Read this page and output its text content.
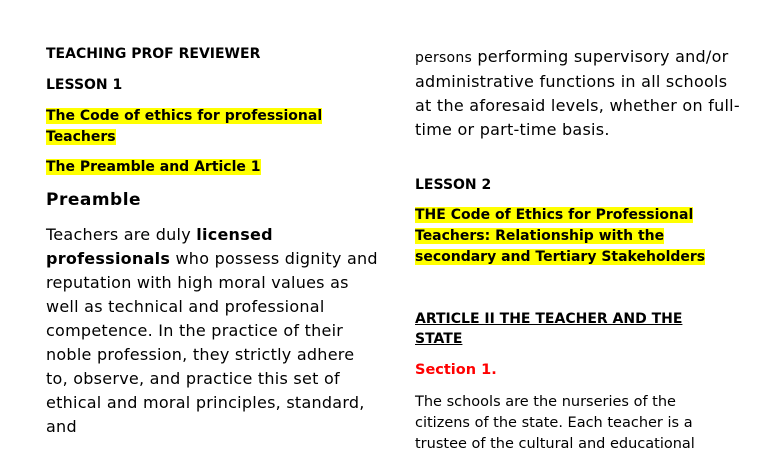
TEACHING PROF REVIEWER

LESSON 1

The Code of ethics for professional

Teachers

The Preamble and Article 1

Preamble

Teachers are duly licensed professionals who possess dignity and reputation with high moral values as well as technical and professional competence. In the practice of their noble profession, they strictly adhere to, observe, and practice this set of ethical and moral principles, standard, and

persons performing supervisory and/or administrative functions in all schools at the aforesaid levels, whether on full-time or part-time basis.

LESSON 2

THE Code of Ethics for Professional

Teachers: Relationship with the

secondary and Tertiary Stakeholders

ARTICLE II THE TEACHER AND THE

STATE

Section 1.

The schools are the nurseries of the citizens of the state. Each teacher is a trustee of the cultural and educational
